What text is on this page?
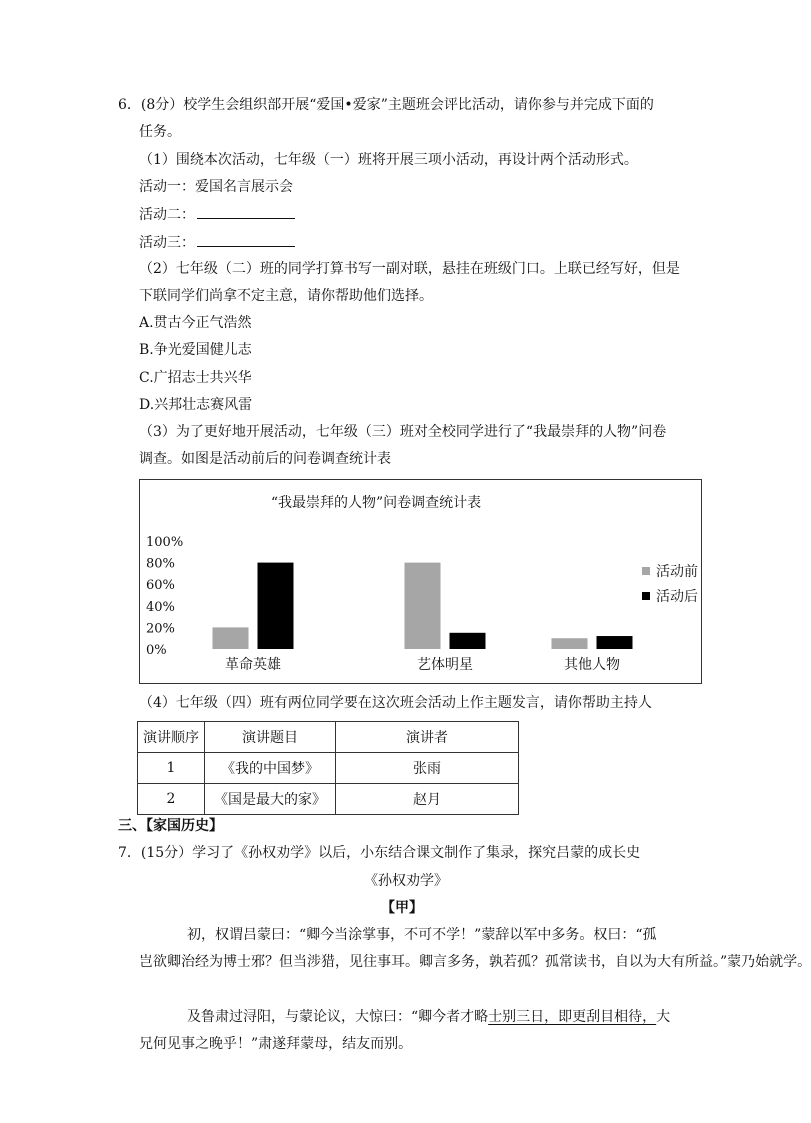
6．(8分）校学生会组织部开展“爱国•爱家”主题班会评比活动，请你参与并完成下面的
任务。
（1）围绕本次活动，七年级（一）班将开展三项小活动，再设计两个活动形式。
活动一：爱国名言展示会
活动二：
活动三：
（2）七年级（二）班的同学打算书写一副对联，悬挂在班级门口。上联已经写好，但是
下联同学们尚拿不定主意，请你帮助他们选择。
A.贯古今正气浩然
B.争光爱国健儿志
C.广招志士共兴华
D.兴邦壮志赛风雷
（3）为了更好地开展活动，七年级（三）班对全校同学进行了“我最崇拜的人物”问卷
调查。如图是活动前后的问卷调查统计表
“我最崇拜的人物”问卷调查统计表
100%
80%
60%
40%
20%
0%
革命英雄	艺体明星	其他人物
活动前
活动后
（4）七年级（四）班有两位同学要在这次班会活动上作主题发言，请你帮助主持人
演讲顺序	演讲题目	演讲者
1	《我的中国梦》	张雨
2	《国是最大的家》	赵月
三、【家国历史】
7．(15分）学习了《孙权劝学》以后，小东结合课文制作了集录，探究吕蒙的成长史
《孙权劝学》
【甲】
初，权谓吕蒙曰：“卿今当涂掌事，不可不学！”蒙辞以军中多务。权曰：“孤
岂欲卿治经为博士邪？但当涉猎，见往事耳。卿言多务，孰若孤？孤常读书，自以为大有所益。”蒙乃始就学。
及鲁肃过浔阳，与蒙论议，大惊曰：“卿今者才略士别三日，即更刮目相待，大
兄何见事之晚乎！”肃遂拜蒙母，结友而别。
